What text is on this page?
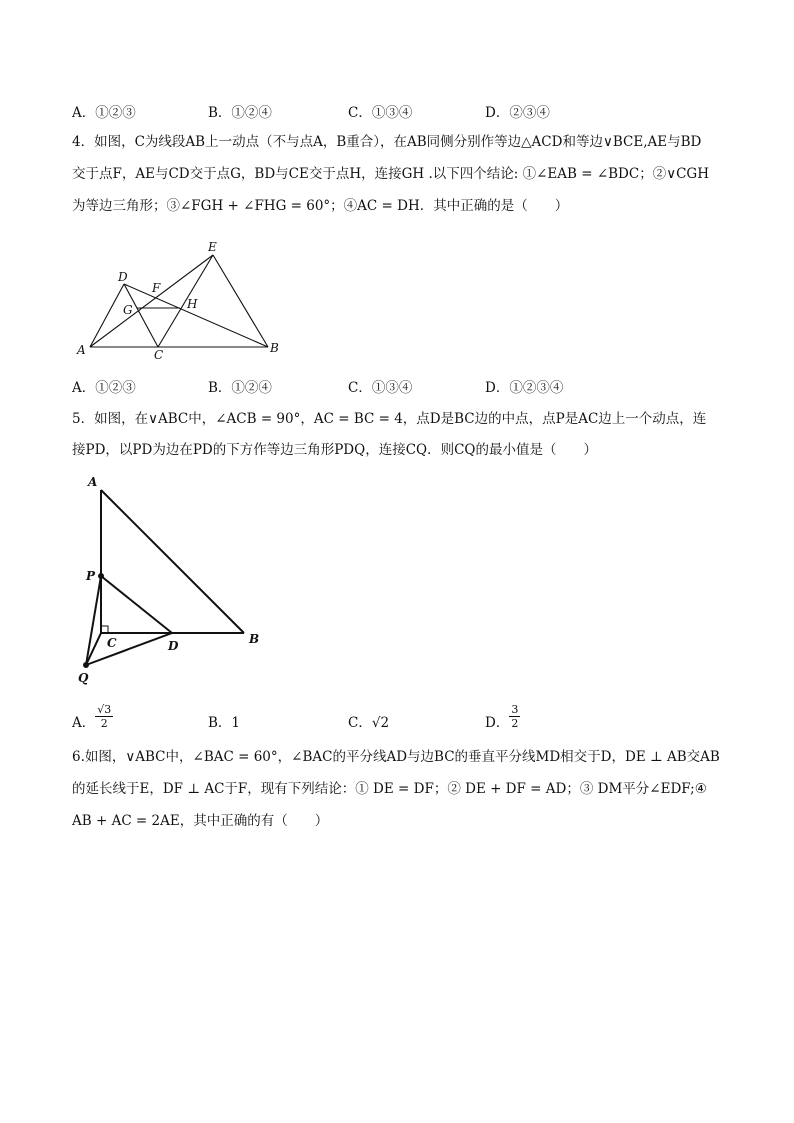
A．①②③	B．①②④	C．①③④	D．②③④
4．如图，C为线段AB上一动点（不与点A，B重合），在AB同侧分别作等边△ACD和等边∨BCE,AE与BD
交于点F，AE与CD交于点G，BD与CE交于点H，连接GH .以下四个结论: ①∠EAB = ∠BDC；②∨CGH
为等边三角形；③∠FGH + ∠FHG = 60°；④AC = DH．其中正确的是（　　）
E
D
F
G	H
A	C	B
A．①②③	B．①②④	C．①③④	D．①②③④
5．如图，在∨ABC中，∠ACB = 90°，AC = BC = 4，点D是BC边的中点，点P是AC边上一个动点，连
接PD，以PD为边在PD的下方作等边三角形PDQ，连接CQ．则CQ的最小值是（　　）
A
P
C	D	B
Q
A． $\frac{√3}{2}$	B．1	C．√2	D． $\frac{3}{2}$
6.如图，∨ABC中，∠BAC = 60°，∠BAC的平分线AD与边BC的垂直平分线MD相交于D，DE ⊥ AB交AB
的延长线于E，DF ⊥ AC于F，现有下列结论：① DE = DF；② DE + DF = AD；③ DM平分∠EDF;④
AB + AC = 2AE，其中正确的有（　　）
